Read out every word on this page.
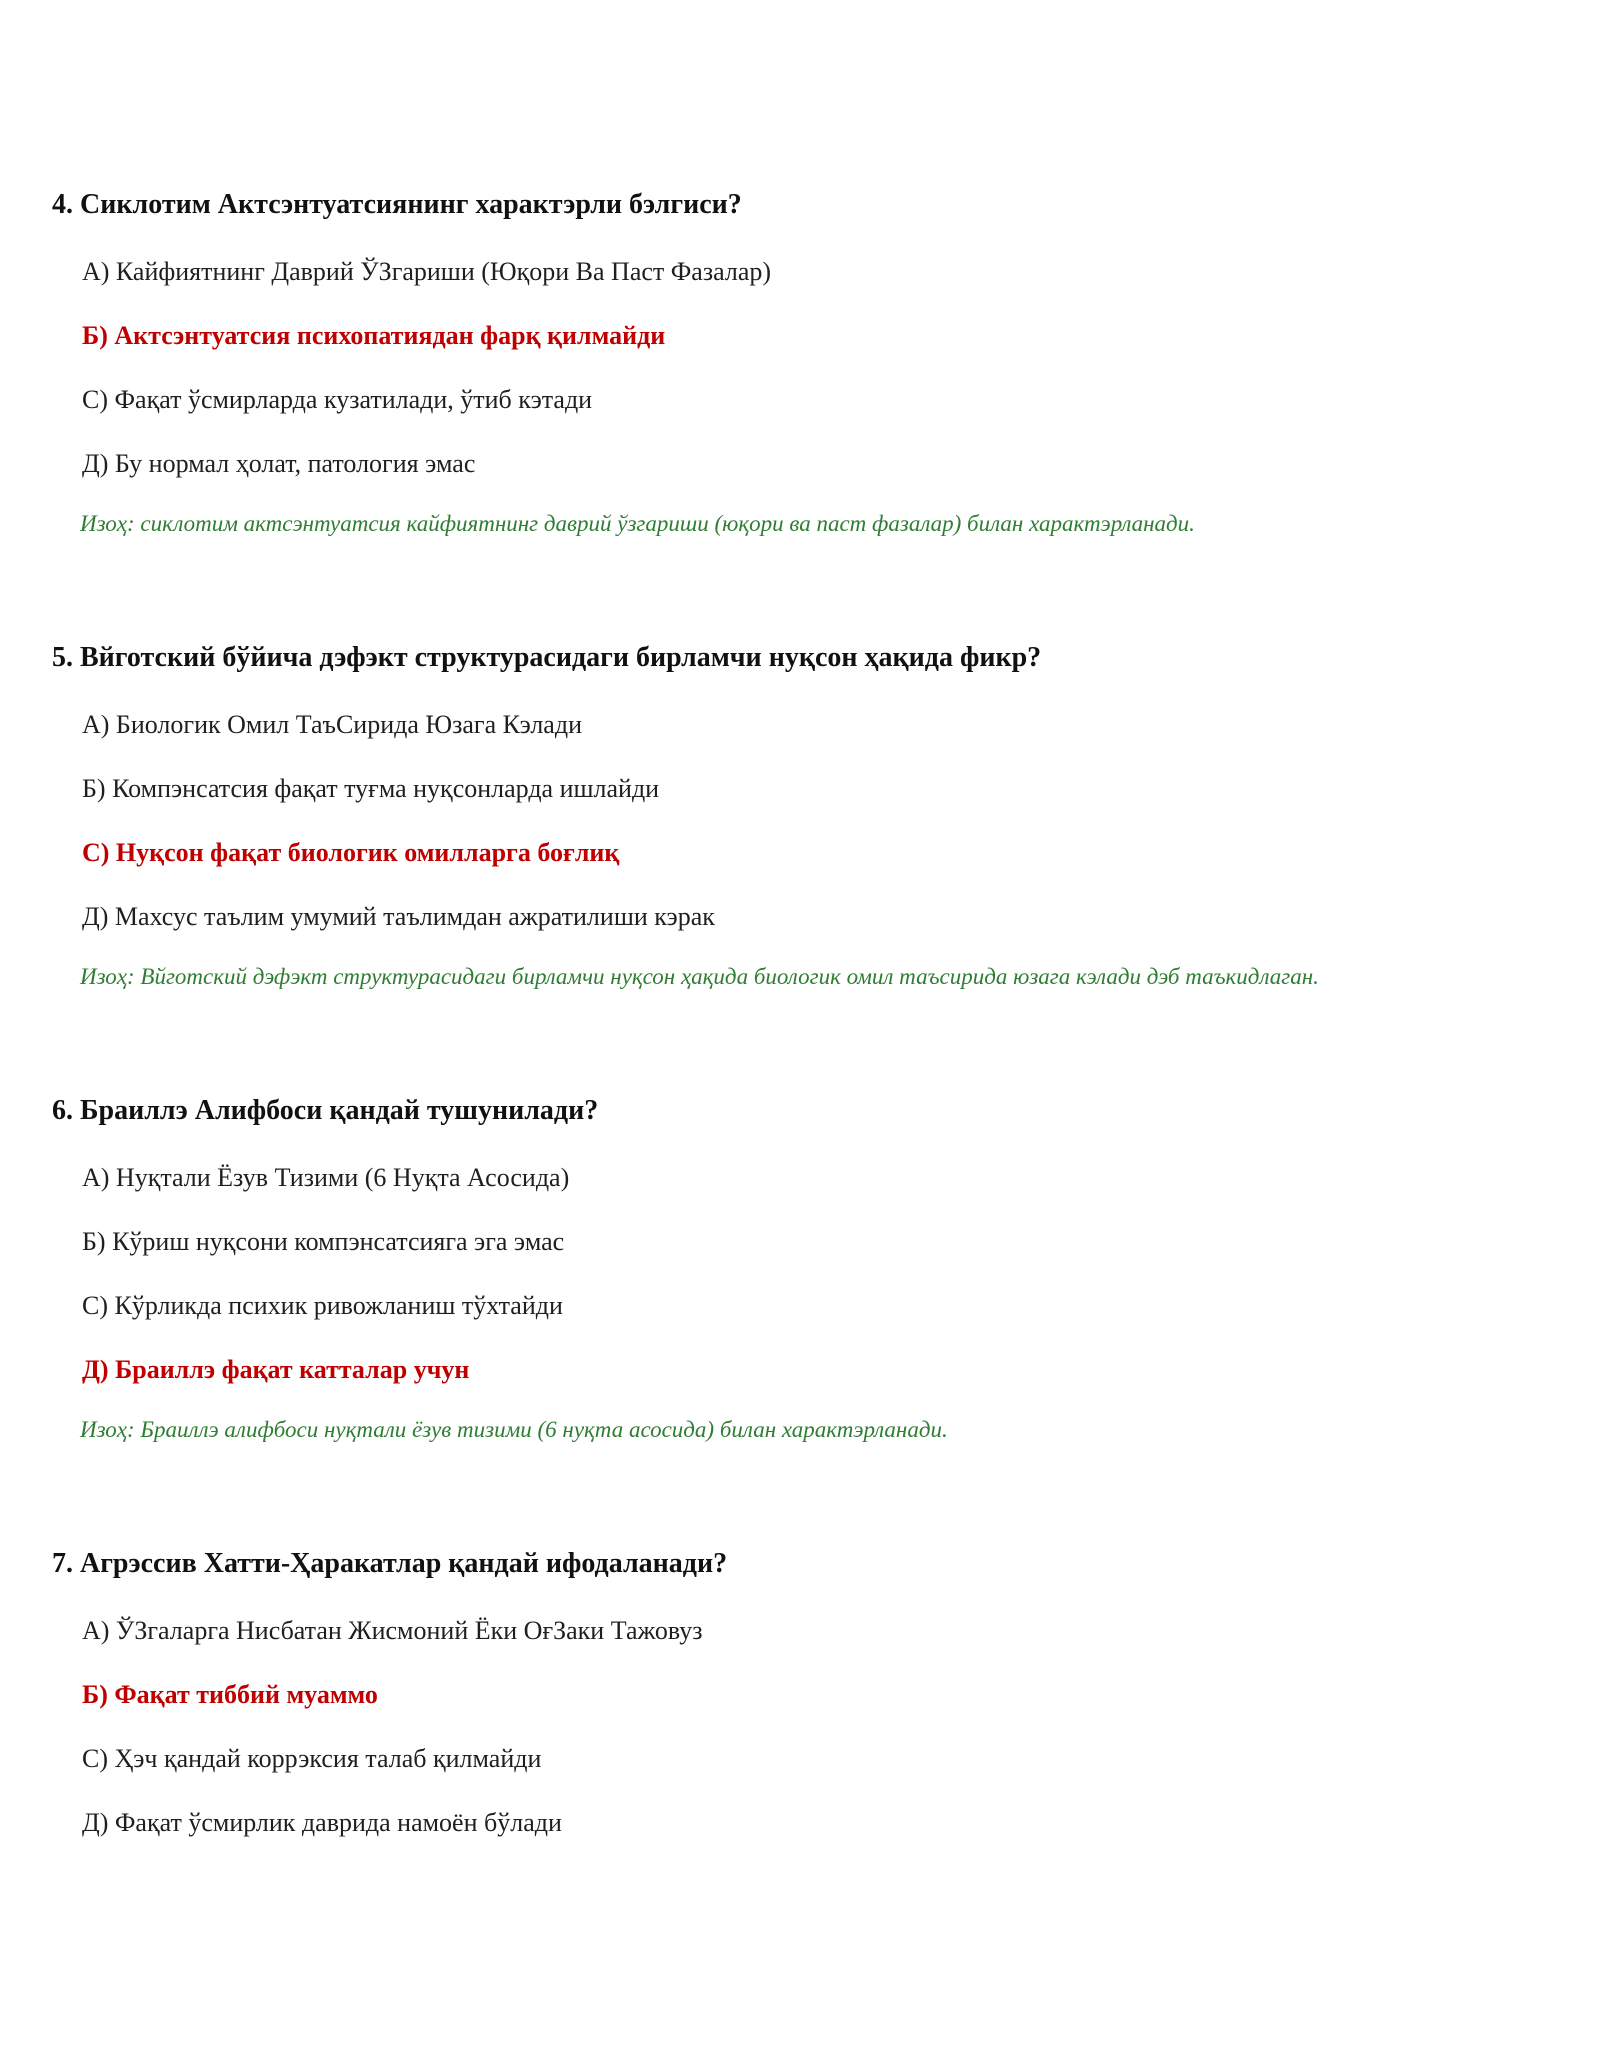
4. Сиклотим Актсэнтуатсиянинг характэрли бэлгиси?

А) Кайфиятнинг Даврий ЎЗгариши (Юқори Ва Паст Фазалар)

Б) Актсэнтуатсия психопатиядан фарқ қилмайди

С) Фақат ўсмирларда кузатилади, ўтиб кэтади

Д) Бу нормал ҳолат, патология эмас

Изоҳ: сиклотим актсэнтуатсия кайфиятнинг даврий ўзгариши (юқори ва паст фазалар) билан характэрланади.

5. Вйготский бўйича дэфэкт структурасидаги бирламчи нуқсон ҳақида фикр?

А) Биологик Омил ТаъСирида Юзага Кэлади

Б) Компэнсатсия фақат туғма нуқсонларда ишлайди

С) Нуқсон фақат биологик омилларга боғлиқ

Д) Махсус таълим умумий таълимдан ажратилиши кэрак

Изоҳ: Вйготский дэфэкт структурасидаги бирламчи нуқсон ҳақида биологик омил таъсирида юзага кэлади дэб таъкидлаган.

6. Браиллэ Алифбоси қандай тушунилади?

А) Нуқтали Ёзув Тизими (6 Нуқта Асосида)

Б) Кўриш нуқсони компэнсатсияга эга эмас

С) Кўрликда психик ривожланиш тўхтайди

Д) Браиллэ фақат катталар учун

Изоҳ: Браиллэ алифбоси нуқтали ёзув тизими (6 нуқта асосида) билан характэрланади.

7. Агрэссив Хатти-Ҳаракатлар қандай ифодаланади?

А) ЎЗгаларга Нисбатан Жисмоний Ёки ОғЗаки Тажовуз

Б) Фақат тиббий муаммо

С) Ҳэч қандай коррэксия талаб қилмайди

Д) Фақат ўсмирлик даврида намоён бўлади
